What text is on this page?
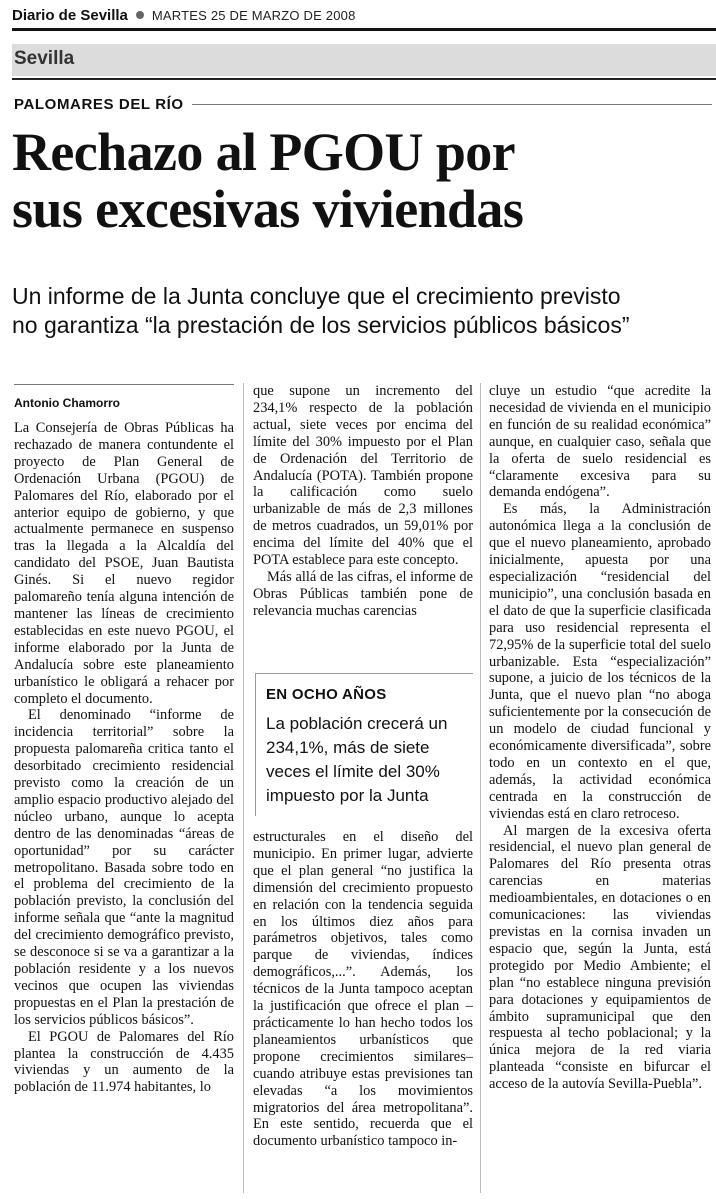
Diario de Sevilla MARTES 25 DE MARZO DE 2008
Sevilla
PALOMARES DEL RÍO
Rechazo al PGOU por
sus excesivas viviendas
Un informe de la Junta concluye que el crecimiento previsto
no garantiza “la prestación de los servicios públicos básicos”
Antonio Chamorro

La Consejería de Obras Públicas ha rechazado de manera contundente el proyecto de Plan General de Ordenación Urbana (PGOU) de Palomares del Río, elaborado por el anterior equipo de gobierno, y que actualmente permanece en suspenso tras la llegada a la Alcaldía del candidato del PSOE, Juan Bautista Ginés. Si el nuevo regidor palomareño tenía alguna intención de mantener las líneas de crecimiento establecidas en este nuevo PGOU, el informe elaborado por la Junta de Andalucía sobre este planeamiento urbanístico le obligará a rehacer por completo el documento.

El denominado “informe de incidencia territorial” sobre la propuesta palomareña critica tanto el desorbitado crecimiento residencial previsto como la creación de un amplio espacio productivo alejado del núcleo urbano, aunque lo acepta dentro de las denominadas “áreas de oportunidad” por su carácter metropolitano. Basada sobre todo en el problema del crecimiento de la población previsto, la conclusión del informe señala que “ante la magnitud del crecimiento demográfico previsto, se desconoce si se va a garantizar a la población residente y a los nuevos vecinos que ocupen las viviendas propuestas en el Plan la prestación de los servicios públicos básicos”.

El PGOU de Palomares del Río plantea la construcción de 4.435 viviendas y un aumento de la población de 11.974 habitantes, lo

que supone un incremento del 234,1% respecto de la población actual, siete veces por encima del límite del 30% impuesto por el Plan de Ordenación del Territorio de Andalucía (POTA). También propone la calificación como suelo urbanizable de más de 2,3 millones de metros cuadrados, un 59,01% por encima del límite del 40% que el POTA establece para este concepto.

Más allá de las cifras, el informe de Obras Públicas también pone de relevancia muchas carencias

EN OCHO AÑOS
La población crecerá un 234,1%, más de siete veces el límite del 30% impuesto por la Junta

estructurales en el diseño del municipio. En primer lugar, advierte que el plan general “no justifica la dimensión del crecimiento propuesto en relación con la tendencia seguida en los últimos diez años para parámetros objetivos, tales como parque de viviendas, índices demográficos,...”. Además, los técnicos de la Junta tampoco aceptan la justificación que ofrece el plan –prácticamente lo han hecho todos los planeamientos urbanísticos que propone crecimientos similares– cuando atribuye estas previsiones tan elevadas “a los movimientos migratorios del área metropolitana”. En este sentido, recuerda que el documento urbanístico tampoco in-

cluye un estudio “que acredite la necesidad de vivienda en el municipio en función de su realidad económica” aunque, en cualquier caso, señala que la oferta de suelo residencial es “claramente excesiva para su demanda endógena”.

Es más, la Administración autonómica llega a la conclusión de que el nuevo planeamiento, aprobado inicialmente, apuesta por una especialización “residencial del municipio”, una conclusión basada en el dato de que la superficie clasificada para uso residencial representa el 72,95% de la superficie total del suelo urbanizable. Esta “especialización” supone, a juicio de los técnicos de la Junta, que el nuevo plan “no aboga suficientemente por la consecución de un modelo de ciudad funcional y económicamente diversificada”, sobre todo en un contexto en el que, además, la actividad económica centrada en la construcción de viviendas está en claro retroceso.

Al margen de la excesiva oferta residencial, el nuevo plan general de Palomares del Río presenta otras carencias en materias medioambientales, en dotaciones o en comunicaciones: las viviendas previstas en la cornisa invaden un espacio que, según la Junta, está protegido por Medio Ambiente; el plan “no establece ninguna previsión para dotaciones y equipamientos de ámbito supramunicipal que den respuesta al techo poblacional; y la única mejora de la red viaria planteada “consiste en bifurcar el acceso de la autovía Sevilla-Puebla”.
